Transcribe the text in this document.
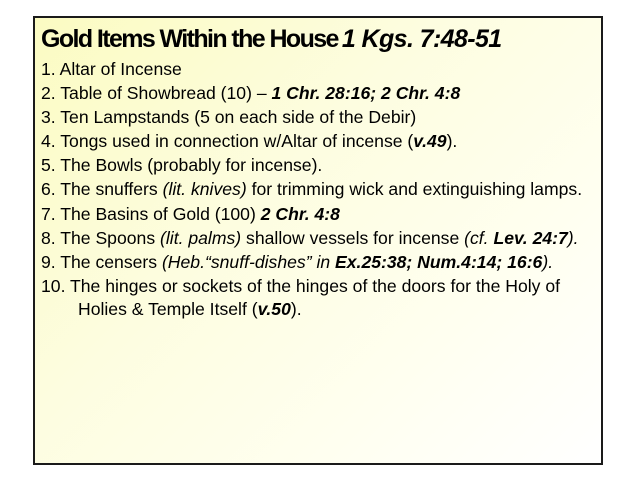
Gold Items Within the House 1 Kgs. 7:48-51
1. Altar of Incense
2. Table of Showbread (10) – 1 Chr. 28:16; 2 Chr. 4:8
3. Ten Lampstands (5 on each side of the Debir)
4. Tongs used in connection w/Altar of incense (v.49).
5. The Bowls (probably for incense).
6. The snuffers (lit. knives) for trimming wick and extinguishing lamps.
7. The Basins of Gold (100) 2 Chr. 4:8
8. The Spoons (lit. palms) shallow vessels for incense (cf. Lev. 24:7).
9. The censers (Heb.“snuff-dishes” in Ex.25:38; Num.4:14; 16:6).
10. The hinges or sockets of the hinges of the doors for the Holy of Holies & Temple Itself (v.50).
